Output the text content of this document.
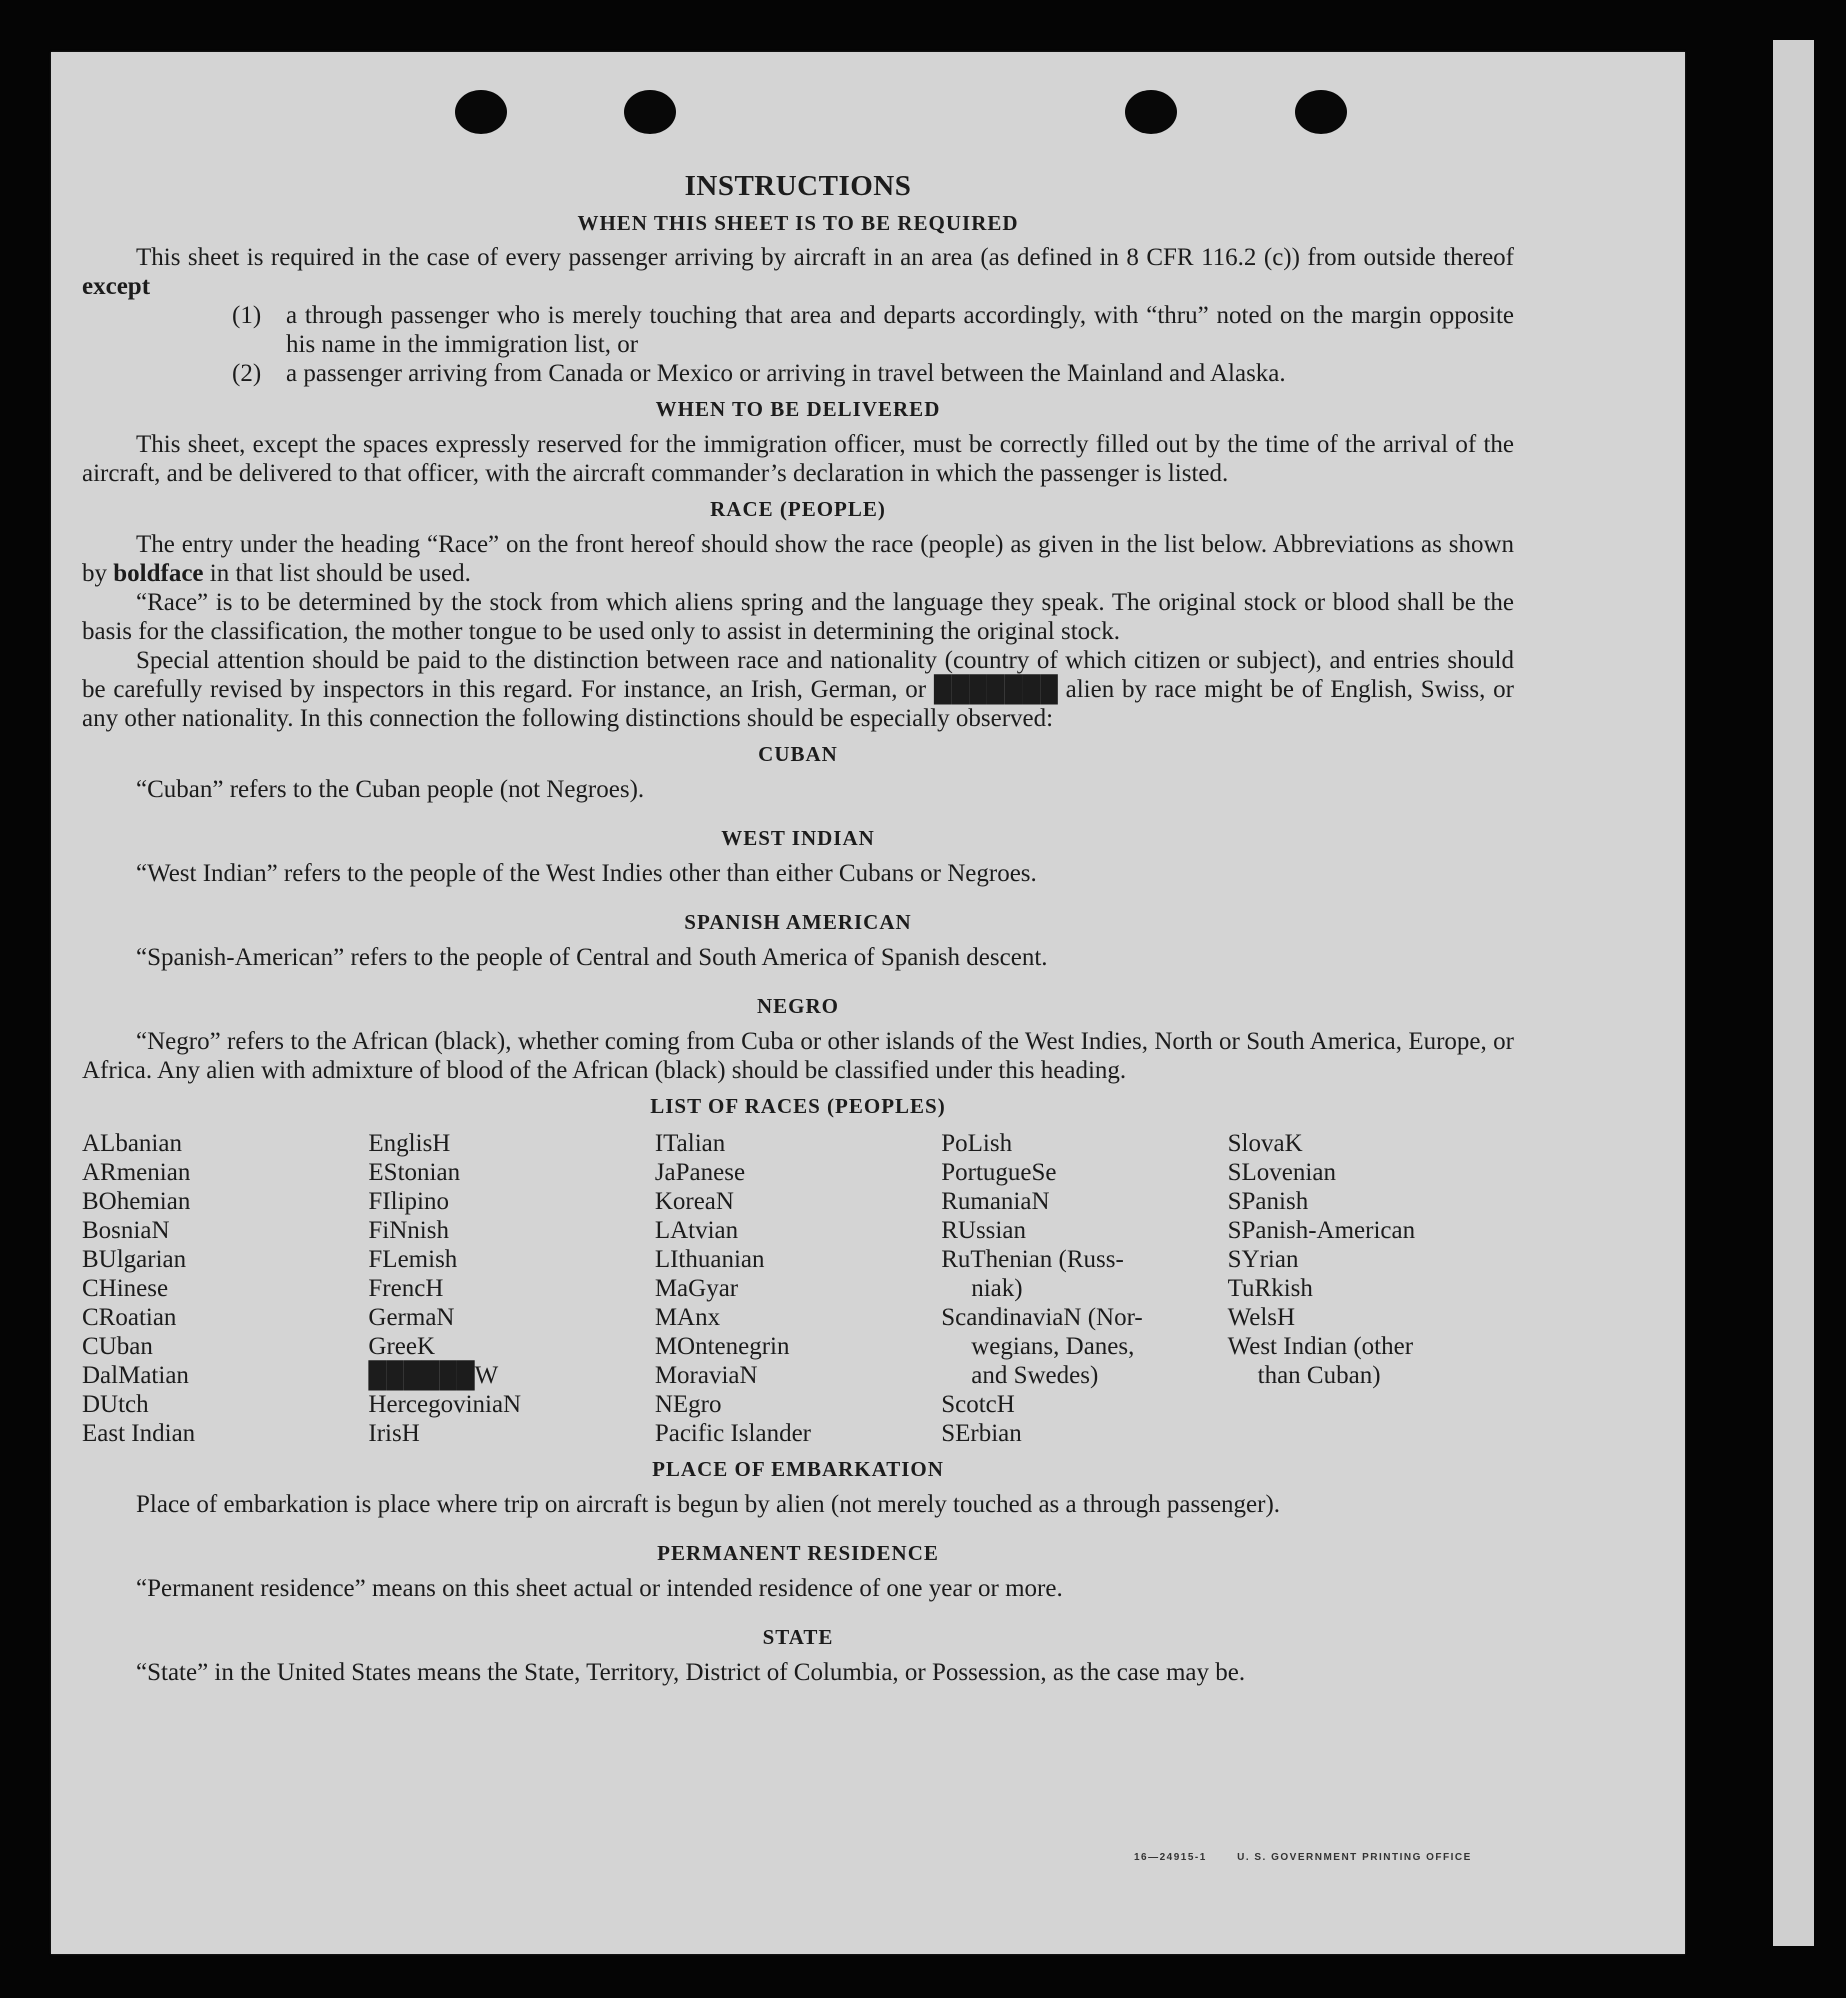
INSTRUCTIONS
WHEN THIS SHEET IS TO BE REQUIRED

This sheet is required in the case of every passenger arriving by aircraft in an area (as defined in 8 CFR 116.2 (c)) from outside thereof except

(1) a through passenger who is merely touching that area and departs accordingly, with “thru” noted on the margin opposite his name in the immigration list, or
(2) a passenger arriving from Canada or Mexico or arriving in travel between the Mainland and Alaska.
WHEN TO BE DELIVERED

This sheet, except the spaces expressly reserved for the immigration officer, must be correctly filled out by the time of the arrival of the aircraft, and be delivered to that officer, with the aircraft commander’s declaration in which the passenger is listed.

RACE (PEOPLE)

The entry under the heading “Race” on the front hereof should show the race (people) as given in the list below. Abbreviations as shown by boldface in that list should be used.

“Race” is to be determined by the stock from which aliens spring and the language they speak. The original stock or blood shall be the basis for the classification, the mother tongue to be used only to assist in determining the original stock.

Special attention should be paid to the distinction between race and nationality (country of which citizen or subject), and entries should be carefully revised by inspectors in this regard. For instance, an Irish, German, or ███████ alien by race might be of English, Swiss, or any other nationality. In this connection the following distinctions should be especially observed:

CUBAN

“Cuban” refers to the Cuban people (not Negroes).

WEST INDIAN

“West Indian” refers to the people of the West Indies other than either Cubans or Negroes.

SPANISH AMERICAN

“Spanish-American” refers to the people of Central and South America of Spanish descent.

NEGRO

“Negro” refers to the African (black), whether coming from Cuba or other islands of the West Indies, North or South America, Europe, or Africa. Any alien with admixture of blood of the African (black) should be classified under this heading.

LIST OF RACES (PEOPLES)
ALbanian
ARmenian
BOhemian
BosniaN
BUlgarian
CHinese
CRoatian
CUban
DalMatian
DUtch
East Indian
EnglisH
EStonian
FIlipino
FiNnish
FLemish
FrencH
GermaN
GreeK
██████W
HercegoviniaN
IrisH
ITalian
JaPanese
KoreaN
LAtvian
LIthuanian
MaGyar
MAnx
MOntenegrin
MoraviaN
NEgro
Pacific Islander
PoLish
PortugueSe
RumaniaN
RUssian
RuThenian (Russ-
niak)
ScandinaviaN (Nor-
wegians, Danes,
and Swedes)
ScotcH
SErbian
SlovaK
SLovenian
SPanish
SPanish-American
SYrian
TuRkish
WelsH
West Indian (other
than Cuban)
PLACE OF EMBARKATION

Place of embarkation is place where trip on aircraft is begun by alien (not merely touched as a through passenger).

PERMANENT RESIDENCE

“Permanent residence” means on this sheet actual or intended residence of one year or more.

STATE

“State” in the United States means the State, Territory, District of Columbia, or Possession, as the case may be.

16—24915-1	U. S. GOVERNMENT PRINTING OFFICE
